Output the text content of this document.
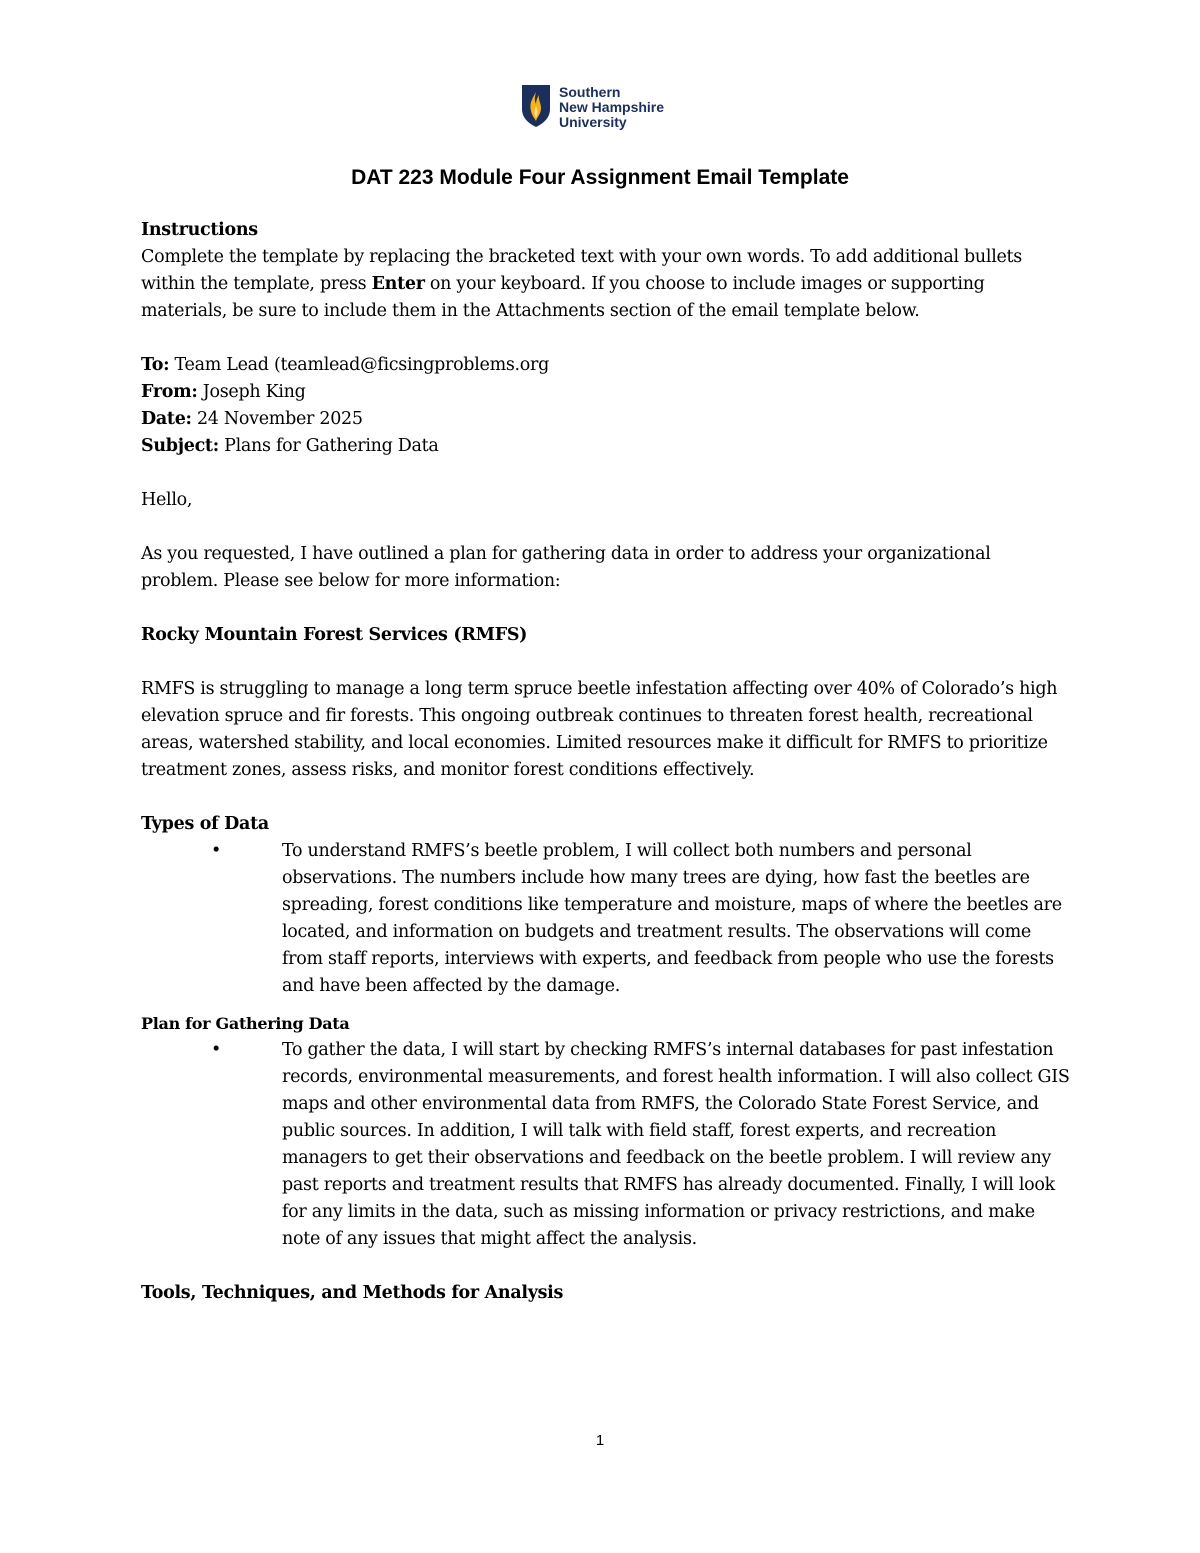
Southern
New Hampshire
University
DAT 223 Module Four Assignment Email Template

Instructions

Complete the template by replacing the bracketed text with your own words. To add additional bullets within the template, press Enter on your keyboard. If you choose to include images or supporting materials, be sure to include them in the Attachments section of the email template below.

To: Team Lead (teamlead@ficsingproblems.org

From: Joseph King

Date: 24 November 2025

Subject: Plans for Gathering Data

Hello,

As you requested, I have outlined a plan for gathering data in order to address your organizational problem. Please see below for more information:

Rocky Mountain Forest Services (RMFS)

RMFS is struggling to manage a long term spruce beetle infestation affecting over 40% of Colorado’s high elevation spruce and fir forests. This ongoing outbreak continues to threaten forest health, recreational areas, watershed stability, and local economies. Limited resources make it difficult for RMFS to prioritize treatment zones, assess risks, and monitor forest conditions effectively.

Types of Data

•	To understand RMFS’s beetle problem, I will collect both numbers and personal observations. The numbers include how many trees are dying, how fast the beetles are spreading, forest conditions like temperature and moisture, maps of where the beetles are located, and information on budgets and treatment results. The observations will come from staff reports, interviews with experts, and feedback from people who use the forests and have been affected by the damage.

Plan for Gathering Data

•	To gather the data, I will start by checking RMFS’s internal databases for past infestation records, environmental measurements, and forest health information. I will also collect GIS maps and other environmental data from RMFS, the Colorado State Forest Service, and public sources. In addition, I will talk with field staff, forest experts, and recreation managers to get their observations and feedback on the beetle problem. I will review any past reports and treatment results that RMFS has already documented. Finally, I will look for any limits in the data, such as missing information or privacy restrictions, and make note of any issues that might affect the analysis.

Tools, Techniques, and Methods for Analysis

1
